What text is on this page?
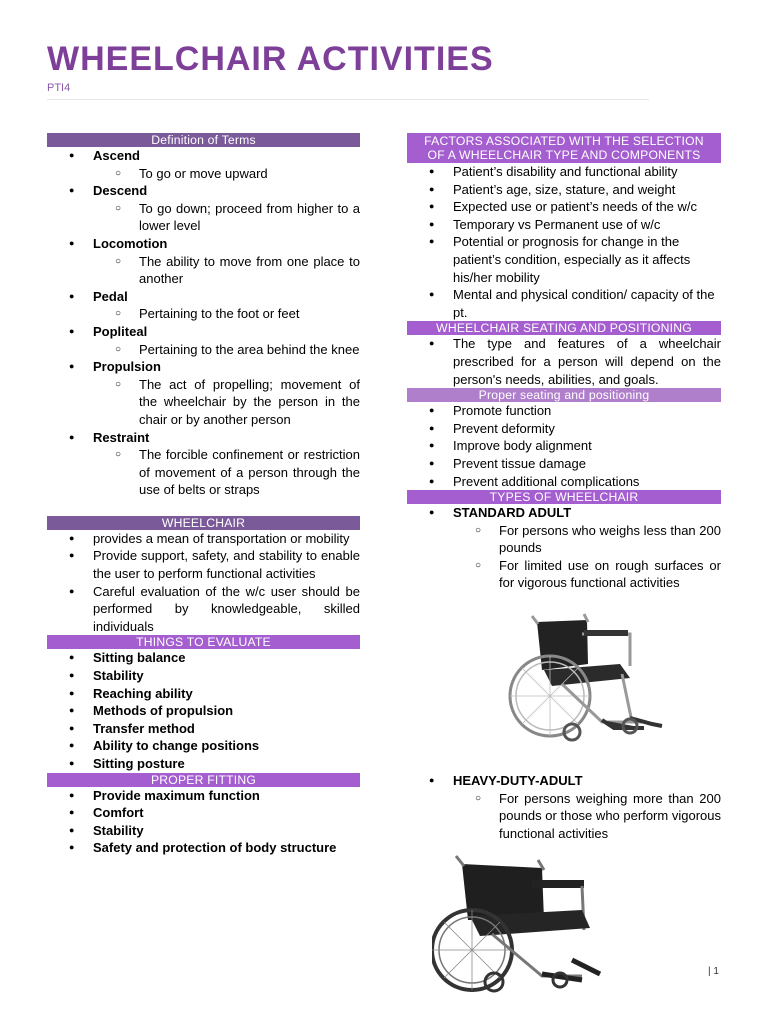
WHEELCHAIR ACTIVITIES
PTI4
Definition of Terms
● Ascend
○ To go or move upward
● Descend
○ To go down; proceed from higher to a lower level
● Locomotion
○ The ability to move from one place to another
● Pedal
○ Pertaining to the foot or feet
● Popliteal
○ Pertaining to the area behind the knee
● Propulsion
○ The act of propelling; movement of the wheelchair by the person in the chair or by another person
● Restraint
○ The forcible confinement or restriction of movement of a person through the use of belts or straps
WHEELCHAIR
● provides a mean of transportation or mobility
● Provide support, safety, and stability to enable the user to perform functional activities
● Careful evaluation of the w/c user should be performed by knowledgeable, skilled individuals
THINGS TO EVALUATE
● Sitting balance
● Stability
● Reaching ability
● Methods of propulsion
● Transfer method
● Ability to change positions
● Sitting posture
PROPER FITTING
● Provide maximum function
● Comfort
● Stability
● Safety and protection of body structure
FACTORS ASSOCIATED WITH THE SELECTION
OF A WHEELCHAIR TYPE AND COMPONENTS
● Patient’s disability and functional ability
● Patient’s age, size, stature, and weight
● Expected use or patient’s needs of the w/c
● Temporary vs Permanent use of w/c
● Potential or prognosis for change in the patient’s condition, especially as it affects his/her mobility
● Mental and physical condition/ capacity of the pt.
WHEELCHAIR SEATING AND POSITIONING
● The type and features of a wheelchair prescribed for a person will depend on the person's needs, abilities, and goals.
Proper seating and positioning
● Promote function
● Prevent deformity
● Improve body alignment
● Prevent tissue damage
● Prevent additional complications
TYPES OF WHEELCHAIR
● STANDARD ADULT
○ For persons who weighs less than 200 pounds
○ For limited use on rough surfaces or for vigorous functional activities
● HEAVY-DUTY-ADULT
○ For persons weighing more than 200 pounds or those who perform vigorous functional activities
| 1
